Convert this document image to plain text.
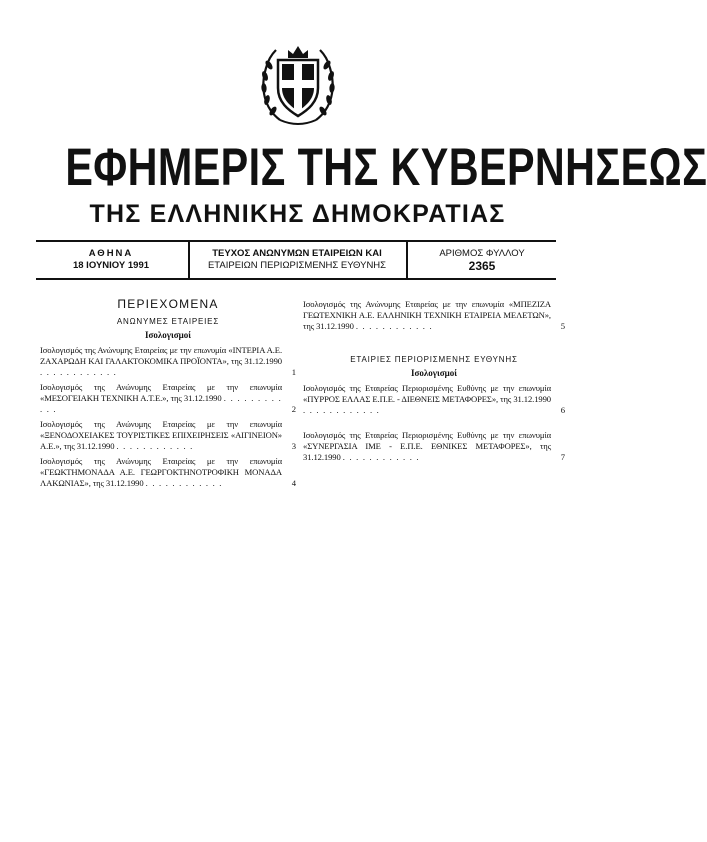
ΕΦΗΜΕΡΙΣ ΤΗΣ ΚΥΒΕΡΝΗΣΕΩΣ
ΤΗΣ ΕΛΛΗΝΙΚΗΣ ΔΗΜΟΚΡΑΤΙΑΣ
ΑΘΗΝΑ
18 ΙΟΥΝΙΟΥ 1991
ΤΕΥΧΟΣ ΑΝΩΝΥΜΩΝ ΕΤΑΙΡΕΙΩΝ ΚΑΙ
ΕΤΑΙΡΕΙΩΝ ΠΕΡΙΩΡΙΣΜΕΝΗΣ ΕΥΘΥΝΗΣ
ΑΡΙΘΜΟΣ ΦΥΛΛΟΥ
2365
ΠΕΡΙΕΧΟΜΕΝΑ
ΑΝΩΝΥΜΕΣ ΕΤΑΙΡΕΙΕΣ
Ισολογισμοί
Ισολογισμός της Ανώνυμης Εταιρείας με την επωνυμία «ΙΝΤΕΡΙΑ Α.Ε. ΖΑΧΑΡΩΔΗ ΚΑΙ ΓΑΛΑΚΤΟΚΟΜΙΚΑ ΠΡΟΪΟΝΤΑ», της 31.12.1990 . . . . . . . . . . . .	1
Ισολογισμός της Ανώνυμης Εταιρείας με την επωνυμία «ΜΕΣΟΓΕΙΑΚΗ ΤΕΧΝΙΚΗ Α.Τ.Ε.», της 31.12.1990 . . . . . . . . . . . .	2
Ισολογισμός της Ανώνυμης Εταιρείας με την επωνυμία «ΞΕΝΟΔΟΧΕΙΑΚΕΣ ΤΟΥΡΙΣΤΙΚΕΣ ΕΠΙΧΕΙΡΗΣΕΙΣ «ΑΙΓΙΝΕΙΟΝ» Α.Ε.», της 31.12.1990 . . . . . . . . . . . .	3
Ισολογισμός της Ανώνυμης Εταιρείας με την επωνυμία «ΓΕΩΚΤΗΜΟΝΑΔΑ Α.Ε. ΓΕΩΡΓΟΚΤΗΝΟΤΡΟΦΙΚΗ ΜΟΝΑΔΑ ΛΑΚΩΝΙΑΣ», της 31.12.1990 . . . . . . . . . . . .	4
Ισολογισμός της Ανώνυμης Εταιρείας με την επωνυμία «ΜΠΕΖΙΖΑ ΓΕΩΤΕΧΝΙΚΗ Α.Ε. ΕΛΛΗΝΙΚΗ ΤΕΧΝΙΚΗ ΕΤΑΙΡΕΙΑ ΜΕΛΕΤΩΝ», της 31.12.1990 . . . . . . . . . . . .	5
ΕΤΑΙΡΙΕΣ ΠΕΡΙΟΡΙΣΜΕΝΗΣ ΕΥΘΥΝΗΣ
Ισολογισμοί
Ισολογισμός της Εταιρείας Περιορισμένης Ευθύνης με την επωνυμία «ΠΥΡΡΟΣ ΕΛΛΑΣ Ε.Π.Ε. - ΔΙΕΘΝΕΙΣ ΜΕΤΑΦΟΡΕΣ», της 31.12.1990 . . . . . . . . . . . .	6
Ισολογισμός της Εταιρείας Περιορισμένης Ευθύνης με την επωνυμία «ΣΥΝΕΡΓΑΣΙΑ ΙΜΕ - Ε.Π.Ε. ΕΘΝΙΚΕΣ ΜΕΤΑΦΟΡΕΣ», της 31.12.1990 . . . . . . . . . . . .	7
